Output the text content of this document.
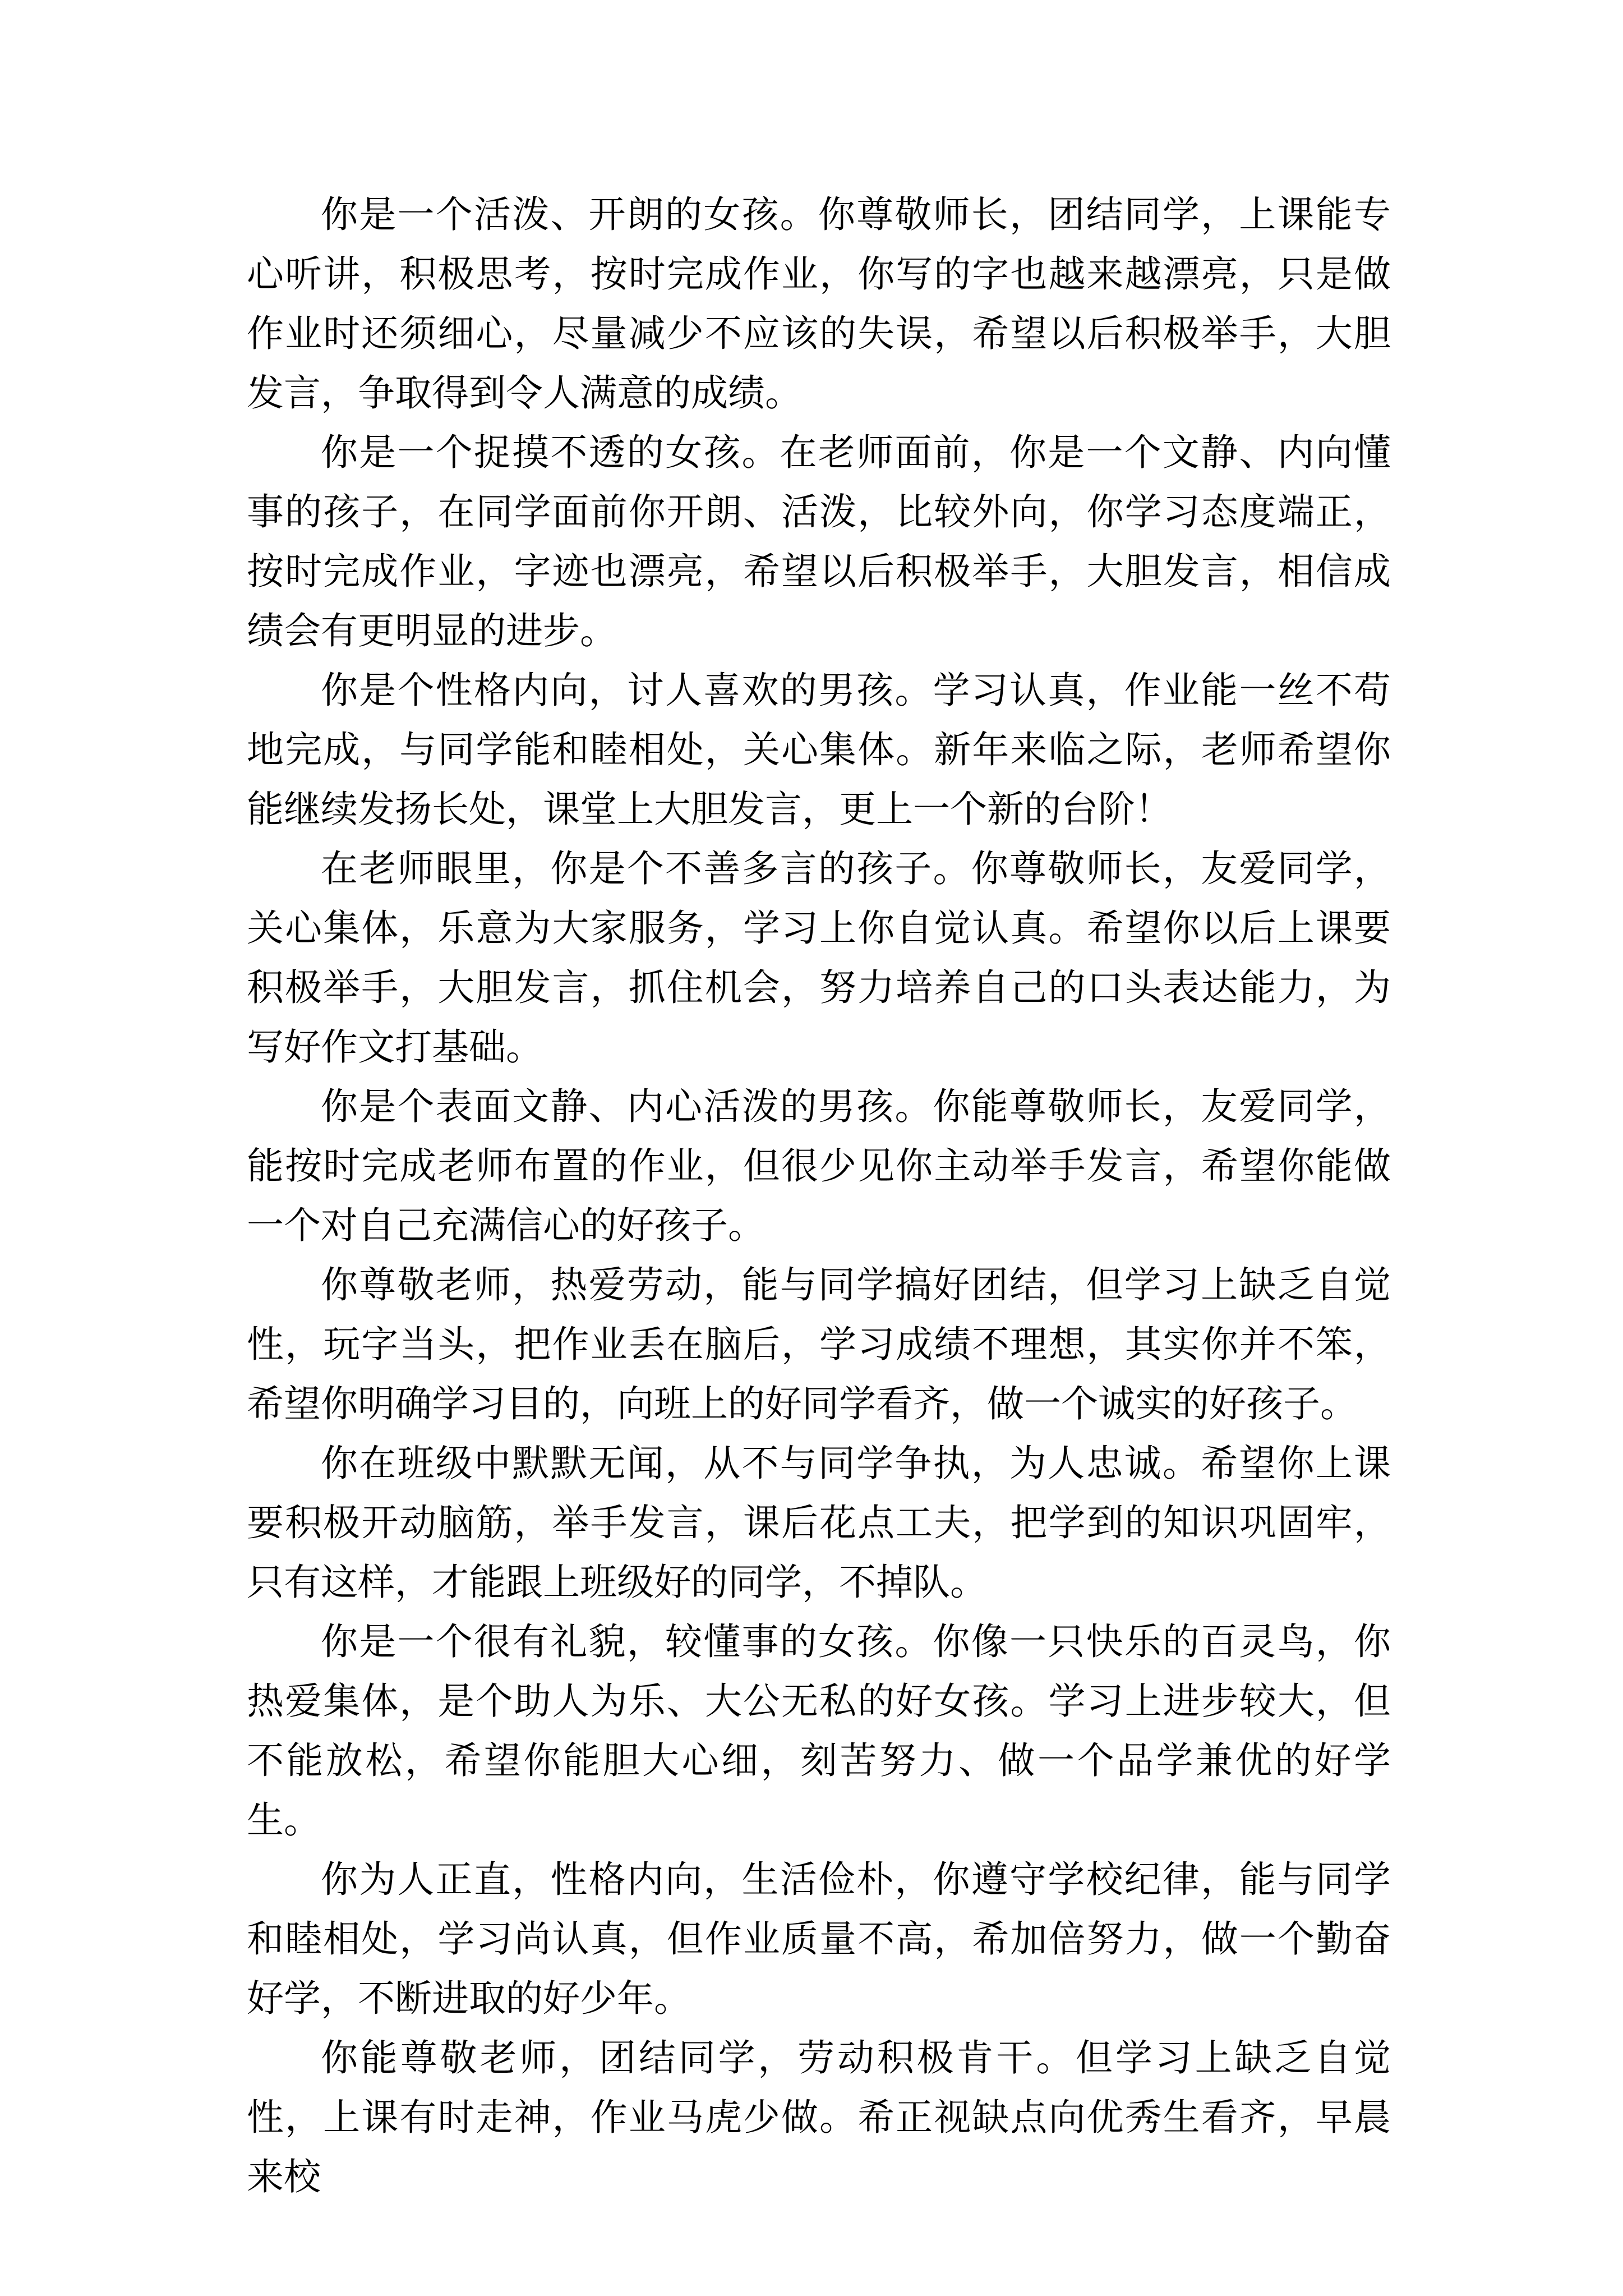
你是一个活泼、开朗的女孩。你尊敬师长，团结同学，上课能专心听讲，积极思考，按时完成作业，你写的字也越来越漂亮，只是做作业时还须细心，尽量减少不应该的失误，希望以后积极举手，大胆发言，争取得到令人满意的成绩。

你是一个捉摸不透的女孩。在老师面前，你是一个文静、内向懂事的孩子，在同学面前你开朗、活泼，比较外向，你学习态度端正，按时完成作业，字迹也漂亮，希望以后积极举手，大胆发言，相信成绩会有更明显的进步。

你是个性格内向，讨人喜欢的男孩。学习认真，作业能一丝不苟地完成，与同学能和睦相处，关心集体。新年来临之际，老师希望你能继续发扬长处，课堂上大胆发言，更上一个新的台阶！

在老师眼里，你是个不善多言的孩子。你尊敬师长，友爱同学，关心集体，乐意为大家服务，学习上你自觉认真。希望你以后上课要积极举手，大胆发言，抓住机会，努力培养自己的口头表达能力，为写好作文打基础。

你是个表面文静、内心活泼的男孩。你能尊敬师长，友爱同学，能按时完成老师布置的作业，但很少见你主动举手发言，希望你能做一个对自己充满信心的好孩子。

你尊敬老师，热爱劳动，能与同学搞好团结，但学习上缺乏自觉性，玩字当头，把作业丢在脑后，学习成绩不理想，其实你并不笨，希望你明确学习目的，向班上的好同学看齐，做一个诚实的好孩子。

你在班级中默默无闻，从不与同学争执，为人忠诚。希望你上课要积极开动脑筋，举手发言，课后花点工夫，把学到的知识巩固牢，只有这样，才能跟上班级好的同学，不掉队。

你是一个很有礼貌，较懂事的女孩。你像一只快乐的百灵鸟，你热爱集体，是个助人为乐、大公无私的好女孩。学习上进步较大，但不能放松，希望你能胆大心细，刻苦努力、做一个品学兼优的好学生。

你为人正直，性格内向，生活俭朴，你遵守学校纪律，能与同学和睦相处，学习尚认真，但作业质量不高，希加倍努力，做一个勤奋好学，不断进取的好少年。

你能尊敬老师，团结同学，劳动积极肯干。但学习上缺乏自觉性，上课有时走神，作业马虎少做。希正视缺点向优秀生看齐，早晨来校
